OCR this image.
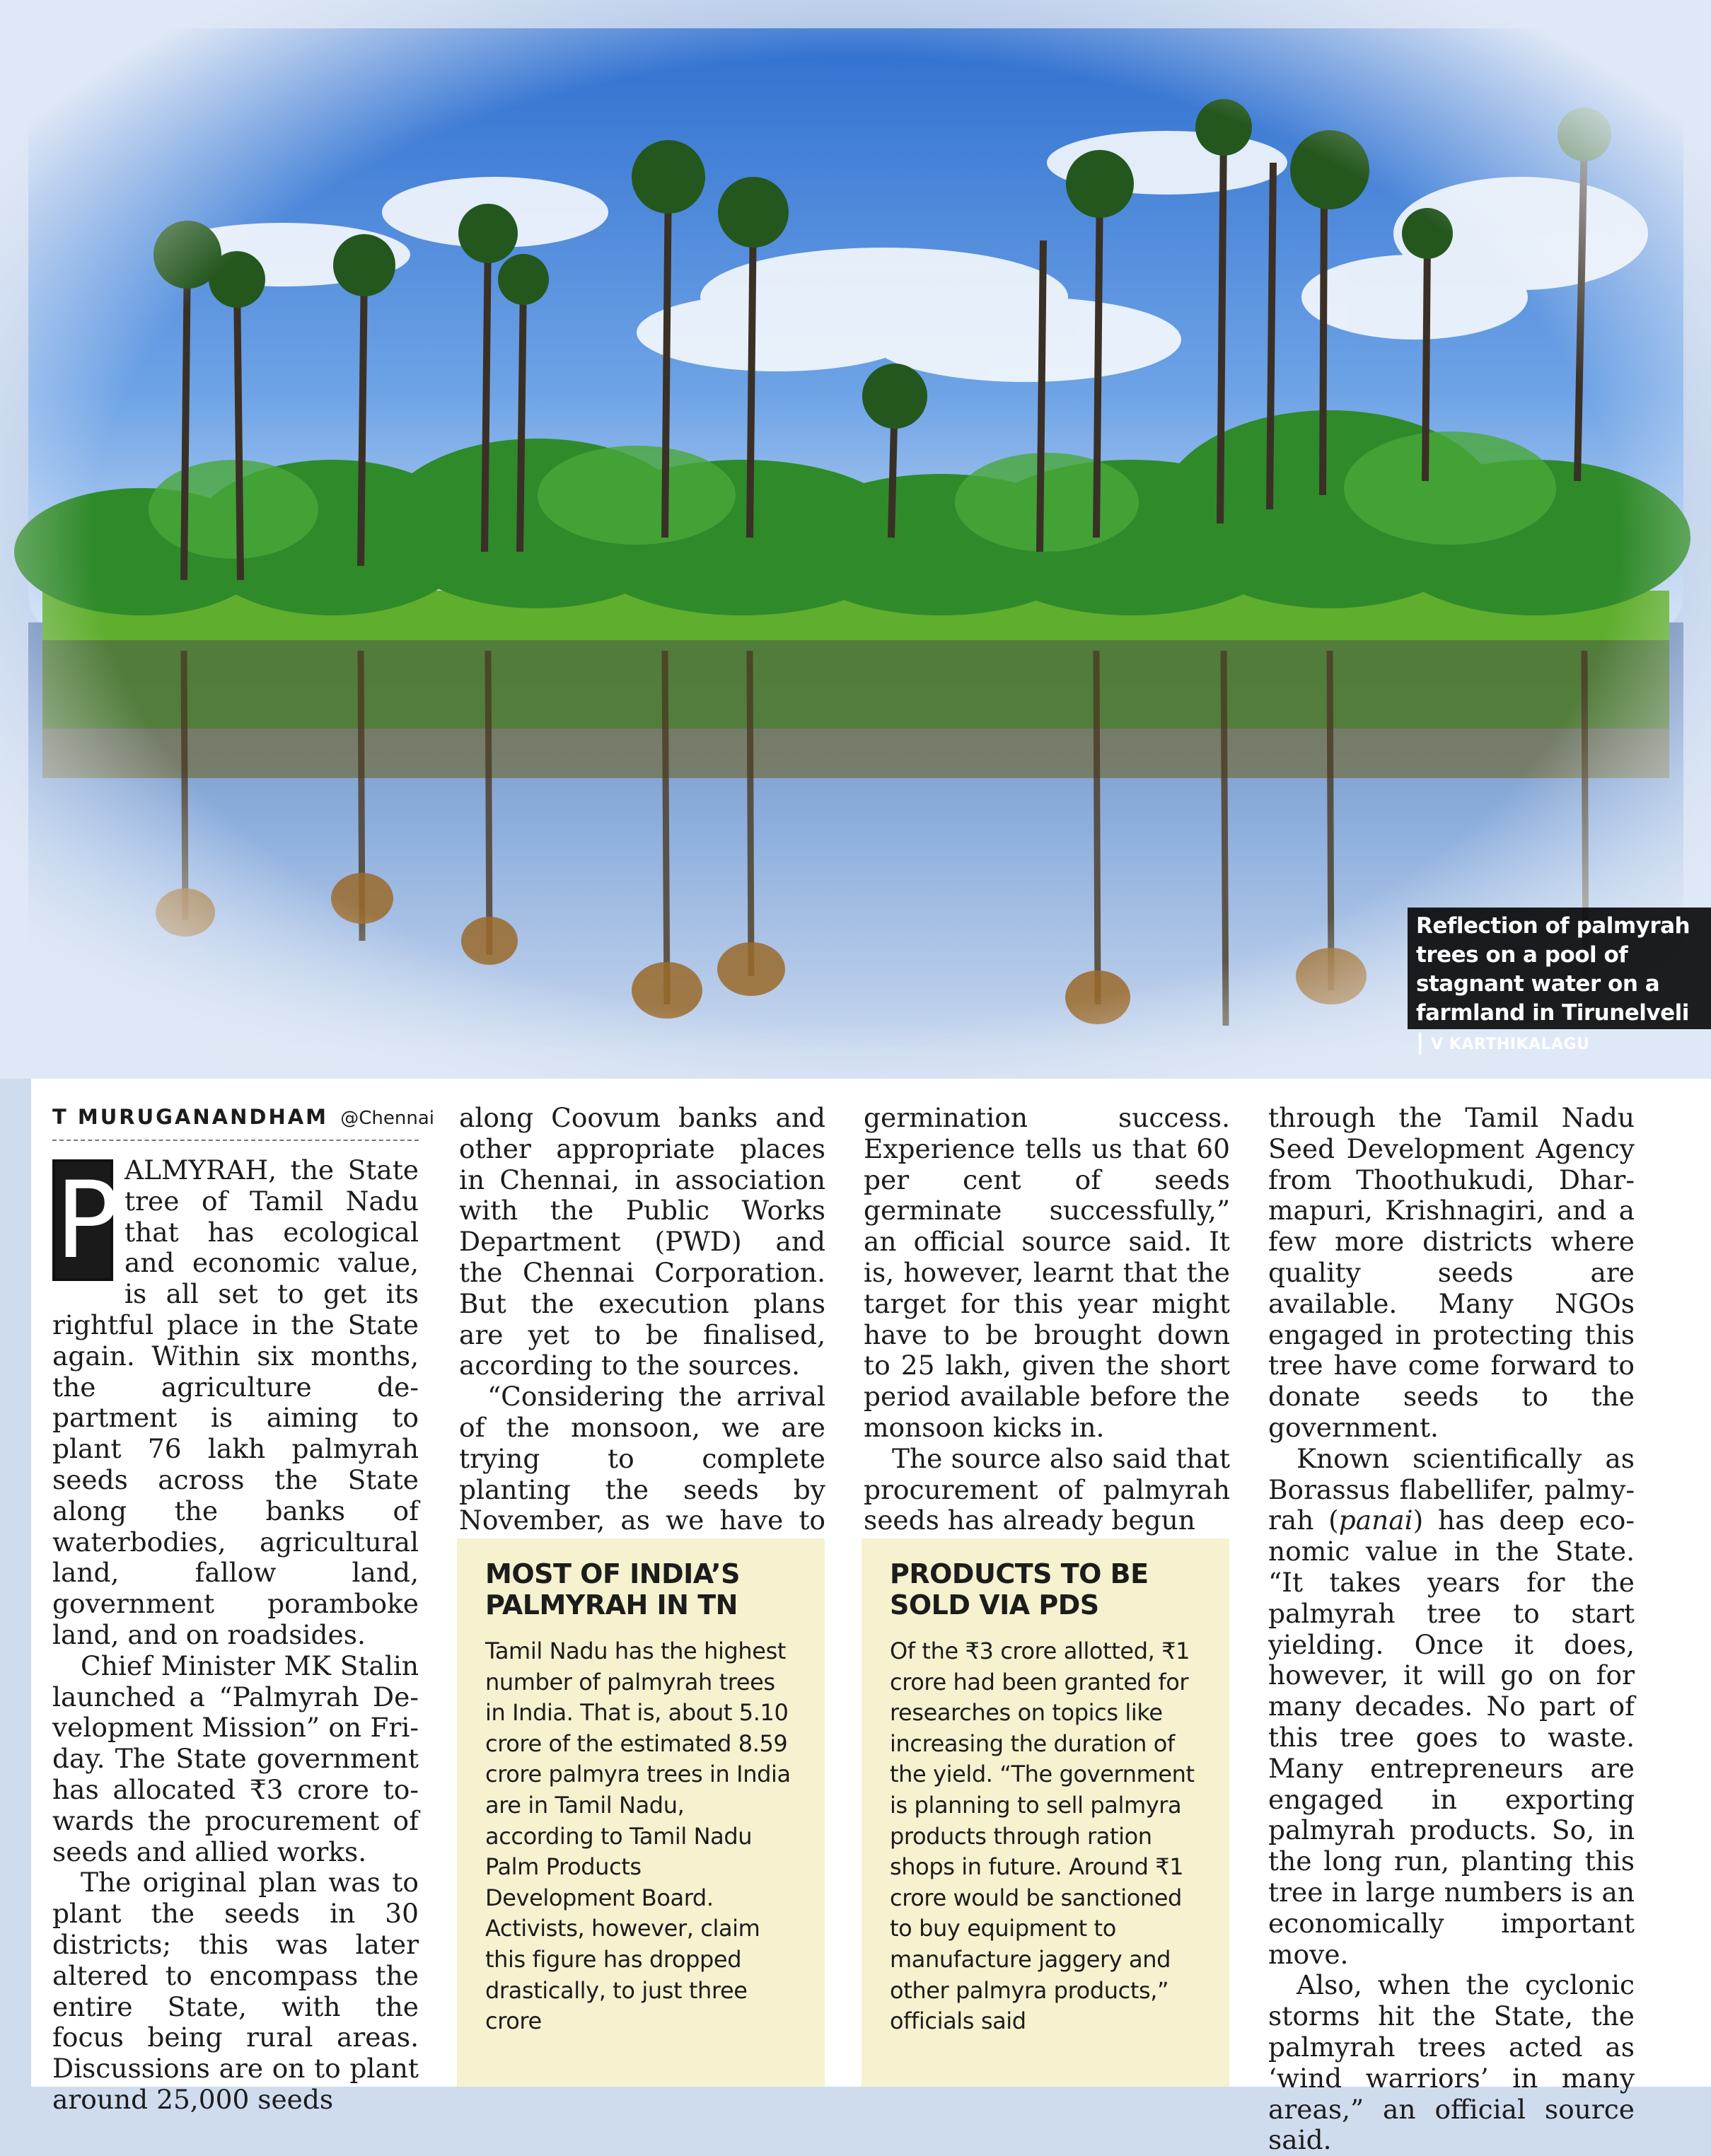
Reflection of palmyrah trees on a pool of stagnant water on a farmland in Tirunelveli | V KARTHIKALAGU
T MURUGANANDHAM @Chennai

P ALMYRAH, the State tree of Tamil Nadu that has ecological and economic value, is all set to get its rightful place in the State again. Within six months, the agriculture department is aiming to plant 76 lakh palmyrah seeds across the State along the banks of waterbodies, agricultural land, fallow land, government poramboke land, and on roadsides.

Chief Minister MK Stalin launched a “Palmyrah Development Mission” on Friday. The State government has allocated ₹3 crore towards the procurement of seeds and allied works.

The original plan was to plant the seeds in 30 districts; this was later altered to encompass the entire State, with the focus being rural areas. Discussions are on to plant around 25,000 seeds

along Coovum banks and other appropriate places in Chennai, in association with the Public Works Department (PWD) and the Chennai Corporation. But the execution plans are yet to be finalised, according to the sources.

“Considering the arrival of the monsoon, we are trying to complete planting the seeds by November, as we have to

germination success. Experience tells us that 60 per cent of seeds germinate successfully,” an official source said. It is, however, learnt that the target for this year might have to be brought down to 25 lakh, given the short period available before the monsoon kicks in.

The source also said that procurement of palmyrah seeds has already begun

through the Tamil Nadu Seed Development Agency from Thoothukudi, Dharmapuri, Krishnagiri, and a few more districts where quality seeds are available. Many NGOs engaged in protecting this tree have come forward to donate seeds to the government.

Known scientifically as Borassus flabellifer, palmyrah (panai) has deep economic value in the State. “It takes years for the palmyrah tree to start yielding. Once it does, however, it will go on for many decades. No part of this tree goes to waste. Many entrepreneurs are engaged in exporting palmyrah products. So, in the long run, planting this tree in large numbers is an economically important move.

Also, when the cyclonic storms hit the State, the palmyrah trees acted as ‘wind warriors’ in many areas,” an official source said.

MOST OF INDIA’S PALMYRAH IN TN

Tamil Nadu has the highest number of palmyrah trees in India. That is, about 5.10 crore of the estimated 8.59 crore palmyra trees in India are in Tamil Nadu, according to Tamil Nadu Palm Products Development Board. Activists, however, claim this figure has dropped drastically, to just three crore

PRODUCTS TO BE SOLD VIA PDS

Of the ₹3 crore allotted, ₹1 crore had been granted for researches on topics like increasing the duration of the yield. “The government is planning to sell palmyra products through ration shops in future. Around ₹1 crore would be sanctioned to buy equipment to manufacture jaggery and other palmyra products,” officials said
